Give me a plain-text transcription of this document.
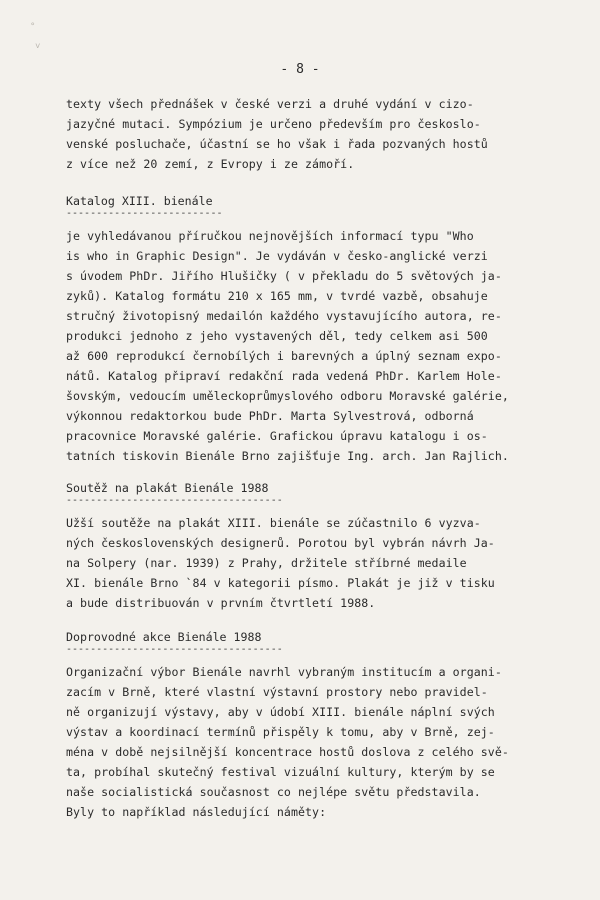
°
˅
- 8 -
texty všech přednášek v české verzi a druhé vydání v cizo-
jazyčné mutaci. Sympózium je určeno především pro českoslo-
venské posluchače, účastní se ho však i řada pozvaných hostů
z více než 20 zemí, z Evropy i ze zámoří.
Katalog XIII. bienále
--------------------------
je vyhledávanou příručkou nejnovějších informací typu "Who
is who in Graphic Design". Je vydáván v česko-anglické verzi
s úvodem PhDr. Jiřího Hlušičky ( v překladu do 5 světových ja-
zyků). Katalog formátu 210 x 165 mm, v tvrdé vazbě, obsahuje
stručný životopisný medailón každého vystavujícího autora, re-
produkci jednoho z jeho vystavených děl, tedy celkem asi 500
až 600 reprodukcí černobílých i barevných a úplný seznam expo-
nátů. Katalog připraví redakční rada vedená PhDr. Karlem Hole-
šovským, vedoucím uměleckoprůmyslového odboru Moravské galérie,
výkonnou redaktorkou bude PhDr. Marta Sylvestrová, odborná
pracovnice Moravské galérie. Grafickou úpravu katalogu i os-
tatních tiskovin Bienále Brno zajišťuje Ing. arch. Jan Rajlich.
Soutěž na plakát Bienále 1988
------------------------------------
Užší soutěže na plakát XIII. bienále se zúčastnilo 6 vyzva-
ných československých designerů. Porotou byl vybrán návrh Ja-
na Solpery (nar. 1939) z Prahy, držitele stříbrné medaile
XI. bienále Brno `84 v kategorii písmo. Plakát je již v tisku
a bude distribuován v prvním čtvrtletí 1988.
Doprovodné akce Bienále 1988
------------------------------------
Organizační výbor Bienále navrhl vybraným institucím a organi-
zacím v Brně, které vlastní výstavní prostory nebo pravidel-
ně organizují výstavy, aby v údobí XIII. bienále náplní svých
výstav a koordinací termínů přispěly k tomu, aby v Brně, zej-
ména v době nejsilnější koncentrace hostů doslova z celého svě-
ta, probíhal skutečný festival vizuální kultury, kterým by se
naše socialistická současnost co nejlépe světu představila.
Byly to například následující náměty:
